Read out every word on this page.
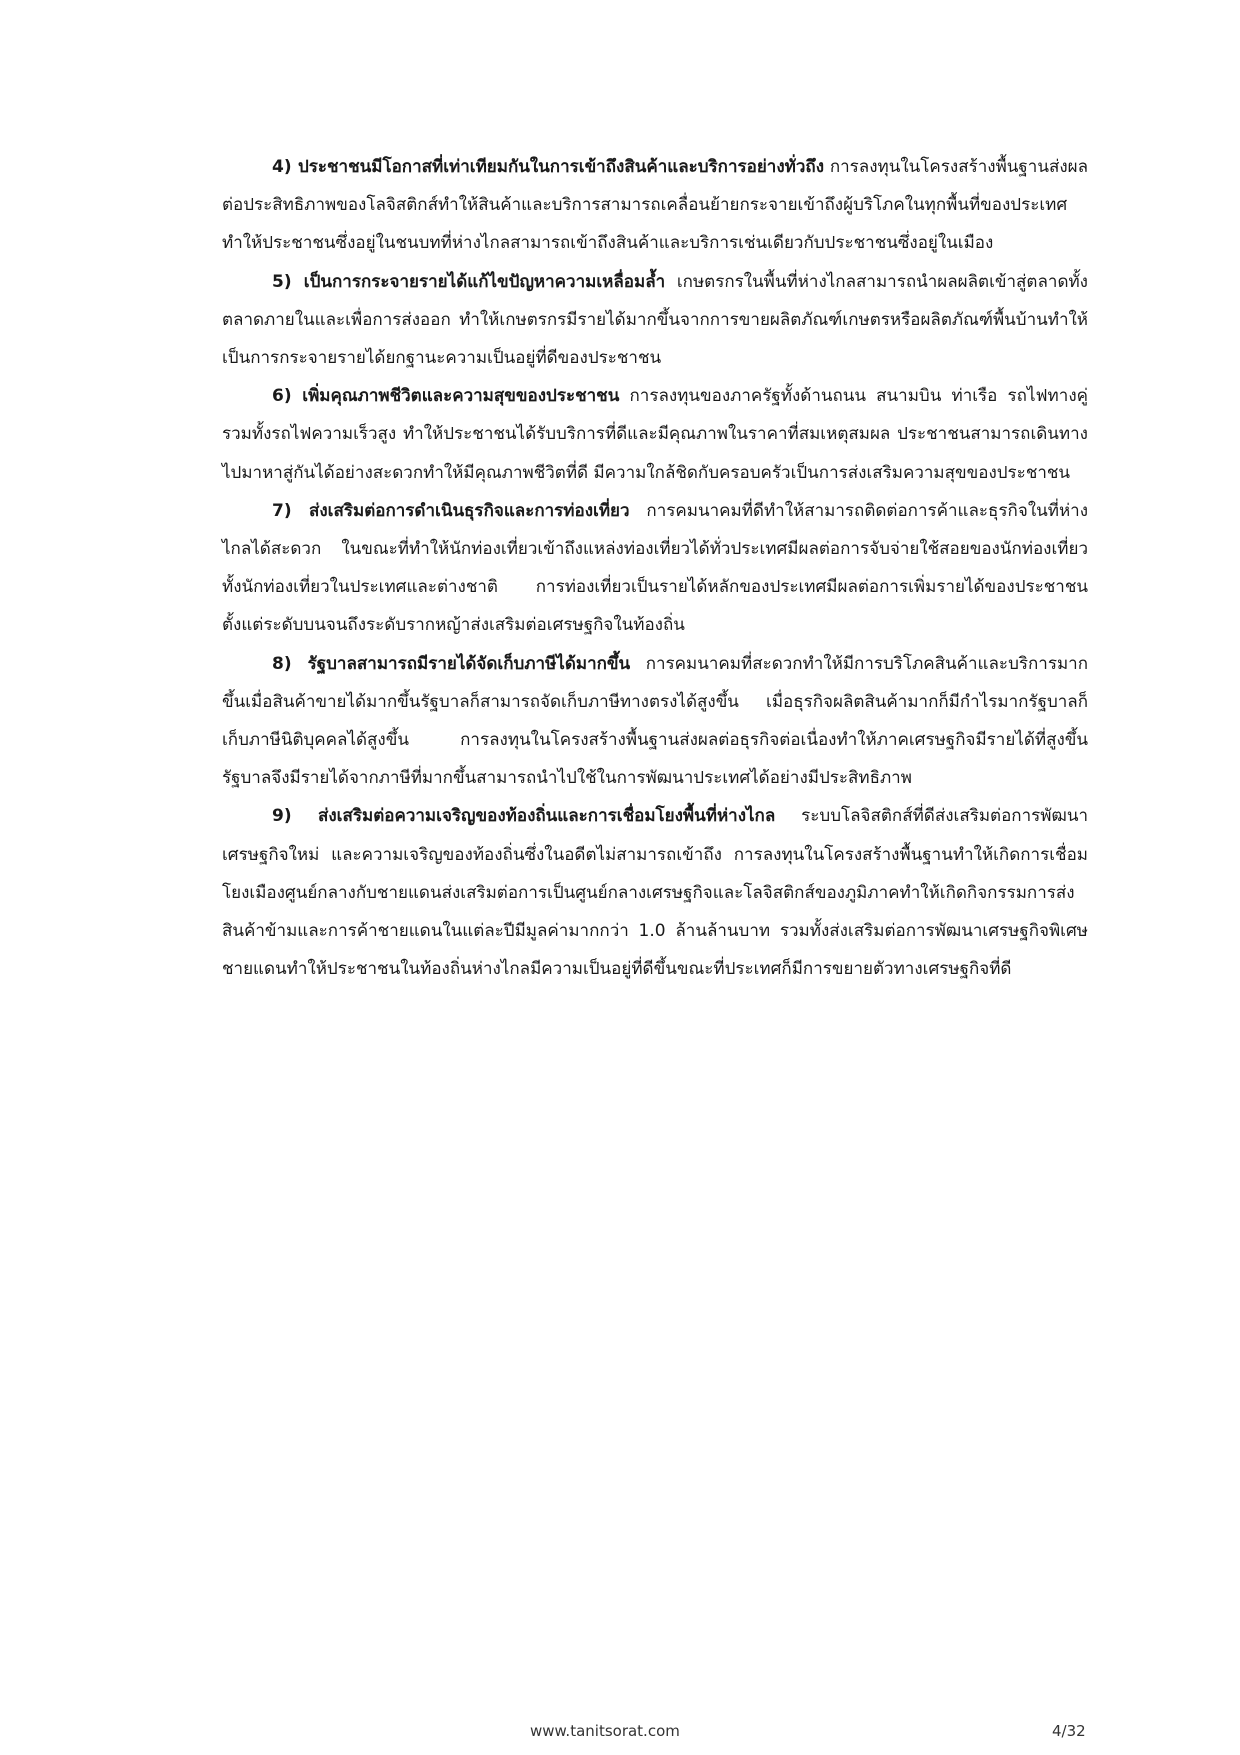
4) ประชาชนมีโอกาสที่เท่าเทียมกันในการเข้าถึงสินค้าและบริการอย่างทั่วถึง การลงทุนในโครงสร้างพื้นฐานส่งผลต่อประสิทธิภาพของโลจิสติกส์ทำให้สินค้าและบริการสามารถเคลื่อนย้ายกระจายเข้าถึงผู้บริโภคในทุกพื้นที่ของประเทศ ทำให้ประชาชนซึ่งอยู่ในชนบทที่ห่างไกลสามารถเข้าถึงสินค้าและบริการเช่นเดียวกับประชาชนซึ่งอยู่ในเมือง

5) เป็นการกระจายรายได้แก้ไขปัญหาความเหลื่อมล้ำ เกษตรกรในพื้นที่ห่างไกลสามารถนำผลผลิตเข้าสู่ตลาดทั้งตลาดภายในและเพื่อการส่งออก ทำให้เกษตรกรมีรายได้มากขึ้นจากการขายผลิตภัณฑ์เกษตรหรือผลิตภัณฑ์พื้นบ้านทำให้เป็นการกระจายรายได้ยกฐานะความเป็นอยู่ที่ดีของประชาชน

6) เพิ่มคุณภาพชีวิตและความสุขของประชาชน การลงทุนของภาครัฐทั้งด้านถนน สนามบิน ท่าเรือ รถไฟทางคู่ รวมทั้งรถไฟความเร็วสูง ทำให้ประชาชนได้รับบริการที่ดีและมีคุณภาพในราคาที่สมเหตุสมผล ประชาชนสามารถเดินทางไปมาหาสู่กันได้อย่างสะดวกทำให้มีคุณภาพชีวิตที่ดี มีความใกล้ชิดกับครอบครัวเป็นการส่งเสริมความสุขของประชาชน

7) ส่งเสริมต่อการดำเนินธุรกิจและการท่องเที่ยว การคมนาคมที่ดีทำให้สามารถติดต่อการค้าและธุรกิจในที่ห่างไกลได้สะดวก ในขณะที่ทำให้นักท่องเที่ยวเข้าถึงแหล่งท่องเที่ยวได้ทั่วประเทศมีผลต่อการจับจ่ายใช้สอยของนักท่องเที่ยวทั้งนักท่องเที่ยวในประเทศและต่างชาติ การท่องเที่ยวเป็นรายได้หลักของประเทศมีผลต่อการเพิ่มรายได้ของประชาชนตั้งแต่ระดับบนจนถึงระดับรากหญ้าส่งเสริมต่อเศรษฐกิจในท้องถิ่น

8) รัฐบาลสามารถมีรายได้จัดเก็บภาษีได้มากขึ้น การคมนาคมที่สะดวกทำให้มีการบริโภคสินค้าและบริการมากขึ้นเมื่อสินค้าขายได้มากขึ้นรัฐบาลก็สามารถจัดเก็บภาษีทางตรงได้สูงขึ้น เมื่อธุรกิจผลิตสินค้ามากก็มีกำไรมากรัฐบาลก็เก็บภาษีนิติบุคคลได้สูงขึ้น การลงทุนในโครงสร้างพื้นฐานส่งผลต่อธุรกิจต่อเนื่องทำให้ภาคเศรษฐกิจมีรายได้ที่สูงขึ้น รัฐบาลจึงมีรายได้จากภาษีที่มากขึ้นสามารถนำไปใช้ในการพัฒนาประเทศได้อย่างมีประสิทธิภาพ

9) ส่งเสริมต่อความเจริญของท้องถิ่นและการเชื่อมโยงพื้นที่ห่างไกล ระบบโลจิสติกส์ที่ดีส่งเสริมต่อการพัฒนาเศรษฐกิจใหม่ และความเจริญของท้องถิ่นซึ่งในอดีตไม่สามารถเข้าถึง การลงทุนในโครงสร้างพื้นฐานทำให้เกิดการเชื่อมโยงเมืองศูนย์กลางกับชายแดนส่งเสริมต่อการเป็นศูนย์กลางเศรษฐกิจและโลจิสติกส์ของภูมิภาคทำให้เกิดกิจกรรมการส่งสินค้าข้ามและการค้าชายแดนในแต่ละปีมีมูลค่ามากกว่า 1.0 ล้านล้านบาท รวมทั้งส่งเสริมต่อการพัฒนาเศรษฐกิจพิเศษชายแดนทำให้ประชาชนในท้องถิ่นห่างไกลมีความเป็นอยู่ที่ดีขึ้นขณะที่ประเทศก็มีการขยายตัวทางเศรษฐกิจที่ดี

www.tanitsorat.com	4/32
